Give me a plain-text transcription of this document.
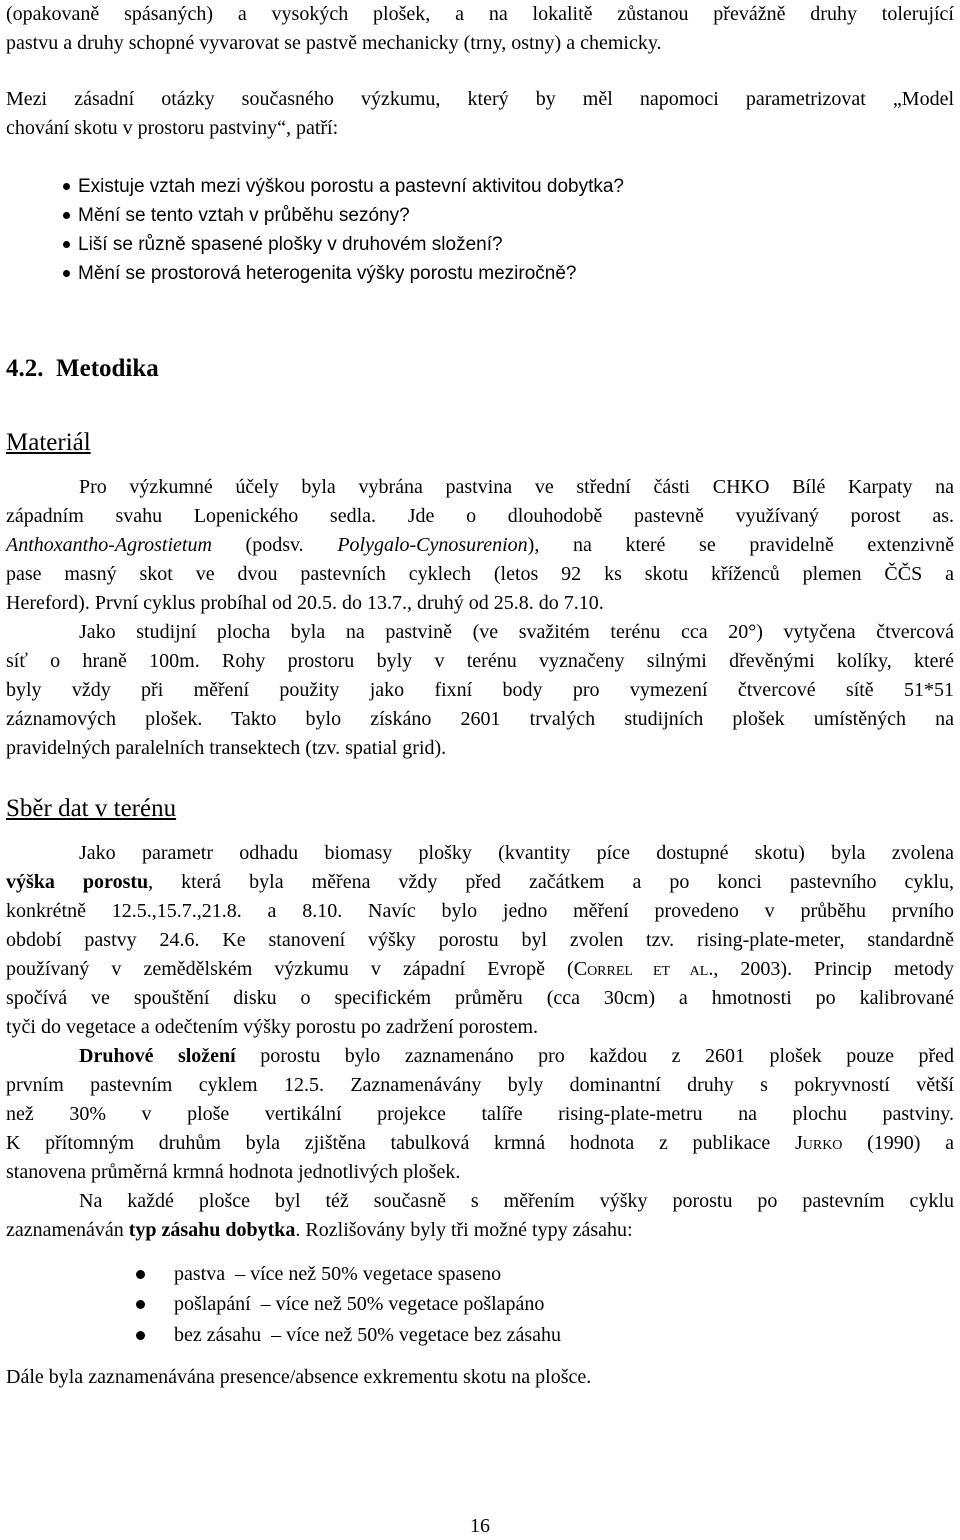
(opakovaně spásaných) a vysokých plošek, a na lokalitě zůstanou převážně druhy tolerující
pastvu a druhy schopné vyvarovat se pastvě mechanicky (trny, ostny) a chemicky.
Mezi zásadní otázky současného výzkumu, který by měl napomoci parametrizovat „Model
chování skotu v prostoru pastviny“, patří:
Existuje vztah mezi výškou porostu a pastevní aktivitou dobytka?
Mění se tento vztah v průběhu sezóny?
Liší se různě spasené plošky v druhovém složení?
Mění se prostorová heterogenita výšky porostu meziročně?
4.2. Metodika
Materiál
Pro výzkumné účely byla vybrána pastvina ve střední části CHKO Bílé Karpaty na
západním svahu Lopenického sedla. Jde o dlouhodobě pastevně využívaný porost as.
Anthoxantho-Agrostietum (podsv. Polygalo-Cynosurenion), na které se pravidelně extenzivně
pase masný skot ve dvou pastevních cyklech (letos 92 ks skotu kříženců plemen ČČS a
Hereford). První cyklus probíhal od 20.5. do 13.7., druhý od 25.8. do 7.10.
Jako studijní plocha byla na pastvině (ve svažitém terénu cca 20°) vytyčena čtvercová
síť o hraně 100m. Rohy prostoru byly v terénu vyznačeny silnými dřevěnými kolíky, které
byly vždy při měření použity jako fixní body pro vymezení čtvercové sítě 51*51
záznamových plošek. Takto bylo získáno 2601 trvalých studijních plošek umístěných na
pravidelných paralelních transektech (tzv. spatial grid).
Sběr dat v terénu
Jako parametr odhadu biomasy plošky (kvantity píce dostupné skotu) byla zvolena
výška porostu, která byla měřena vždy před začátkem a po konci pastevního cyklu,
konkrétně 12.5.,15.7.,21.8. a 8.10. Navíc bylo jedno měření provedeno v průběhu prvního
období pastvy 24.6. Ke stanovení výšky porostu byl zvolen tzv. rising-plate-meter, standardně
používaný v zemědělském výzkumu v západní Evropě (CORREL ET AL., 2003). Princip metody
spočívá ve spouštění disku o specifickém průměru (cca 30cm) a hmotnosti po kalibrované
tyči do vegetace a odečtením výšky porostu po zadržení porostem.
Druhové složení porostu bylo zaznamenáno pro každou z 2601 plošek pouze před
prvním pastevním cyklem 12.5. Zaznamenávány byly dominantní druhy s pokryvností větší
než 30% v ploše vertikální projekce talíře rising-plate-metru na plochu pastviny.
K přítomným druhům byla zjištěna tabulková krmná hodnota z publikace JURKO (1990) a
stanovena průměrná krmná hodnota jednotlivých plošek.
Na každé plošce byl též současně s měřením výšky porostu po pastevním cyklu
zaznamenáván typ zásahu dobytka. Rozlišovány byly tři možné typy zásahu:
pastva  – více než 50% vegetace spaseno
pošlapání  – více než 50% vegetace pošlapáno
bez zásahu  – více než 50% vegetace bez zásahu
Dále byla zaznamenávána presence/absence exkrementu skotu na plošce.
16
